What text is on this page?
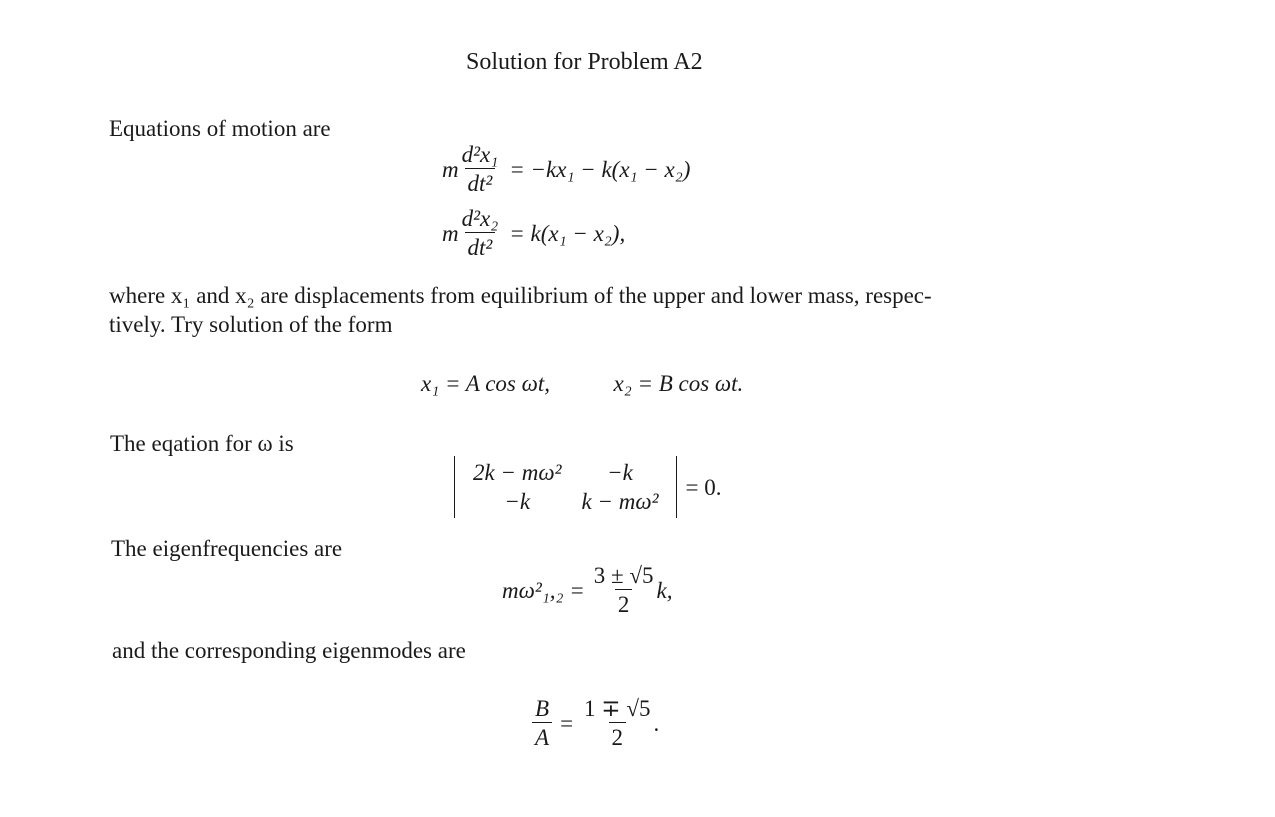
Solution for Problem A2
Equations of motion are
m $\frac{\text{d²x₁}}{\text{dt²}} = -kx_1 - k(x_1 - x_2)$
m $\frac{\text{d²x₂}}{\text{dt²}} = k(x_1 - x_2)$,
where x₁ and x₂ are displacements from equilibrium of the upper and lower mass, respec-
tively. Try solution of the form
x₁ = A cos ωt,	x₂ = B cos ωt.
The eqation for ω is
2k − mω²	−k
−k	k − mω²
= 0.
The eigenfrequencies are
$m\omega^2_1,_2 = \frac{3 \pm √5}{2} k$,
and the corresponding eigenmodes are
$\frac{B}{A} = \frac{1 \mp √5}{2}$ .
